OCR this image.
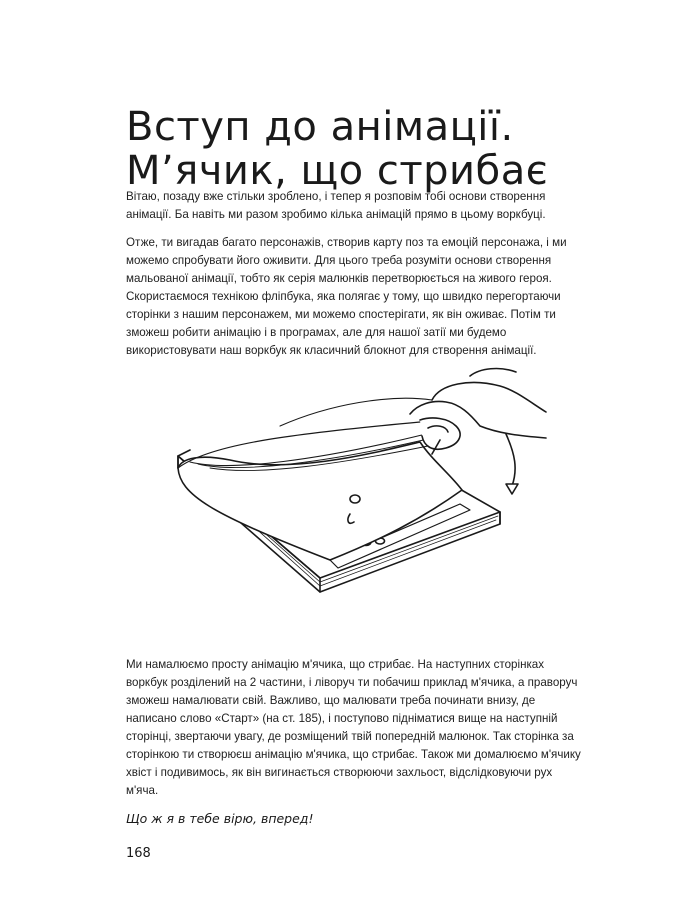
Вступ до анімації.
М’ячик, що стрибає

Вітаю, позаду вже стільки зроблено, і тепер я розповім тобі основи створення анімації. Ба навіть ми разом зробимо кілька анімацій прямо в цьому воркбуці.

Отже, ти вигадав багато персонажів, створив карту поз та емоцій персонажа, і ми можемо спробувати його оживити. Для цього треба розуміти основи створення мальованої анімації, тобто як серія малюнків перетворюється на живого героя. Скористаємося технікою фліпбука, яка полягає у тому, що швидко перегортаючи сторінки з нашим персонажем, ми можемо спостерігати, як він оживає. Потім ти зможеш робити анімацію і в програмах, але для нашої затії ми будемо використовувати наш воркбук як класичний блокнот для створення анімації.

Ми намалюємо просту анімацію м'ячика, що стрибає. На наступних сторінках воркбук розділений на 2 частини, і ліворуч ти побачиш приклад м'ячика, а праворуч зможеш намалювати свій. Важливо, що малювати треба починати внизу, де написано слово «Старт» (на ст. 185), і поступово підніматися вище на наступній сторінці, звертаючи увагу, де розміщений твій попередній малюнок. Так сторінка за сторінкою ти створюєш анімацію м'ячика, що стрибає. Також ми домалюємо м'ячику хвіст і подивимось, як він вигинається створюючи захльост, відслідковуючи рух м'яча.

Що ж я в тебе вірю, вперед!

168
